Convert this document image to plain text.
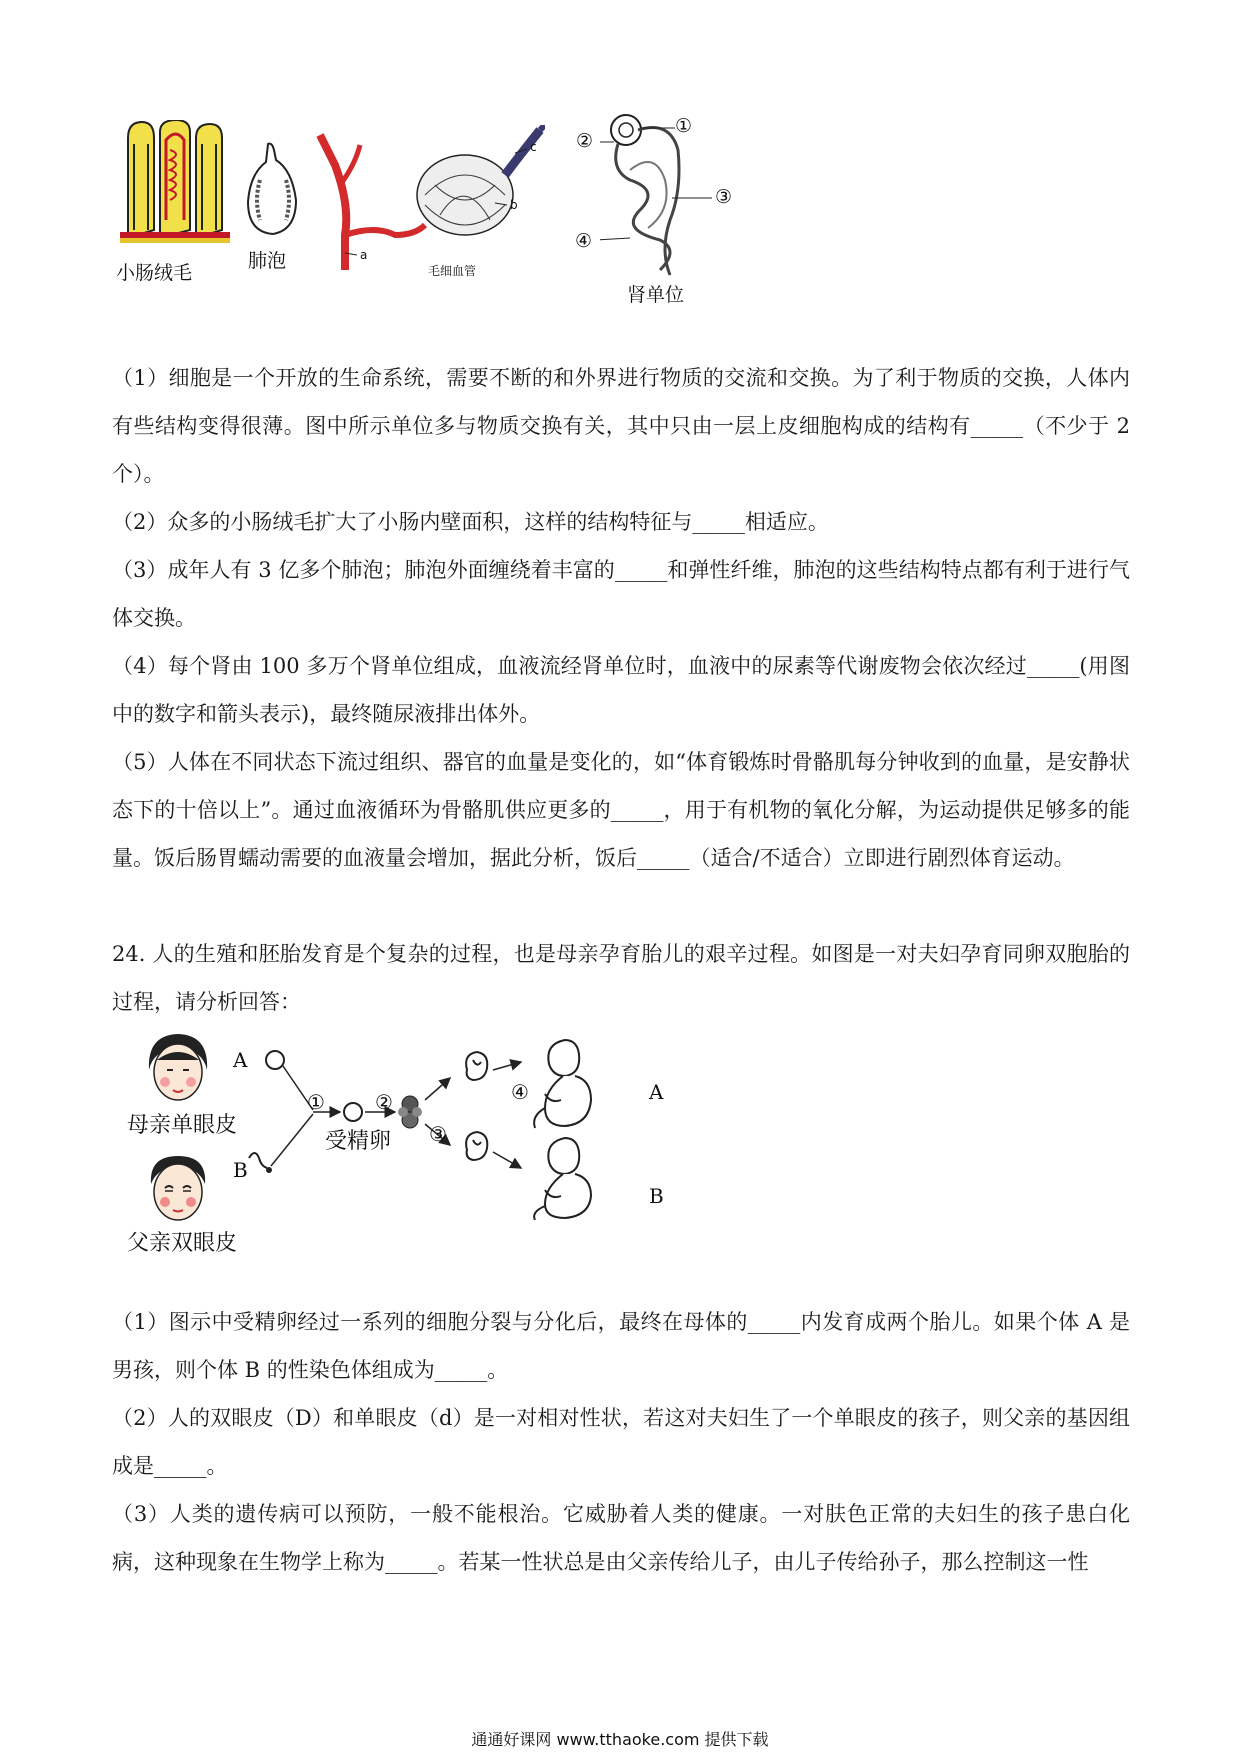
小肠绒毛
肺泡
c
b
a
毛细血管
①
②
③
④
肾单位

（1）细胞是一个开放的生命系统，需要不断的和外界进行物质的交流和交换。为了利于物质的交换，人体内有些结构变得很薄。图中所示单位多与物质交换有关，其中只由一层上皮细胞构成的结构有_____（不少于 2 个）。

（2）众多的小肠绒毛扩大了小肠内壁面积，这样的结构特征与_____相适应。

（3）成年人有 3 亿多个肺泡；肺泡外面缠绕着丰富的_____和弹性纤维，肺泡的这些结构特点都有利于进行气体交换。

（4）每个肾由 100 多万个肾单位组成，血液流经肾单位时，血液中的尿素等代谢废物会依次经过_____(用图中的数字和箭头表示)，最终随尿液排出体外。

（5）人体在不同状态下流过组织、器官的血量是变化的，如“体育锻炼时骨骼肌每分钟收到的血量，是安静状态下的十倍以上”。通过血液循环为骨骼肌供应更多的_____，用于有机物的氧化分解，为运动提供足够多的能量。饭后肠胃蠕动需要的血液量会增加，据此分析，饭后_____（适合/不适合）立即进行剧烈体育运动。

24. 人的生殖和胚胎发育是个复杂的过程，也是母亲孕育胎儿的艰辛过程。如图是一对夫妇孕育同卵双胞胎的过程，请分析回答：

母亲单眼皮
父亲双眼皮
A
B
①	②
③
④
受精卵
A
B

（1）图示中受精卵经过一系列的细胞分裂与分化后，最终在母体的_____内发育成两个胎儿。如果个体 A 是男孩，则个体 B 的性染色体组成为_____。

（2）人的双眼皮（D）和单眼皮（d）是一对相对性状，若这对夫妇生了一个单眼皮的孩子，则父亲的基因组成是_____。

（3）人类的遗传病可以预防，一般不能根治。它威胁着人类的健康。一对肤色正常的夫妇生的孩子患白化病，这种现象在生物学上称为_____。若某一性状总是由父亲传给儿子，由儿子传给孙子，那么控制这一性

通通好课网 www.tthaoke.com 提供下载
